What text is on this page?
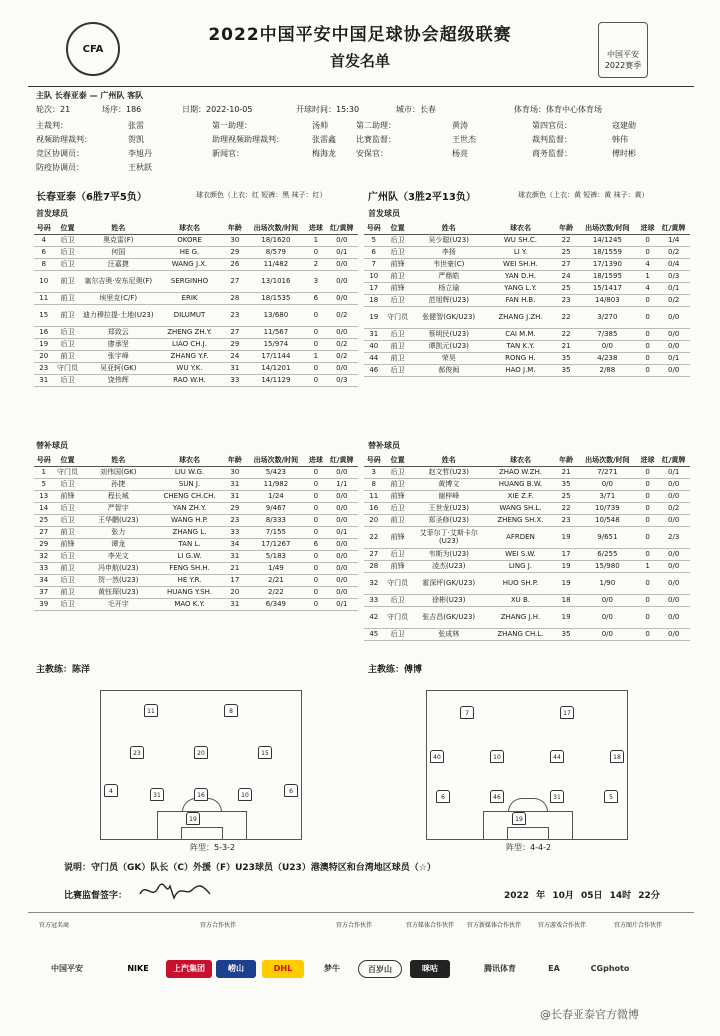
CFA
2022中国平安中国足球协会超级联赛
首发名单	中国平安
2022赛季
主队 长春亚泰 — 广州队 客队
轮次：21	场序：186	日期：2022-10-05	开球时间：15:30	城市：长春	体育场：体育中心体育场
主裁判：	张雷	第一助理：	汤帅	第二助理：	黄涛	第四官员：	寇建勋
视频助理裁判：	贺凯	助理视频助理裁判：	张雷鑫	比赛监督：	王世杰	裁判监督：	韩伟
竞区协调员：	李旭丹	新闻官：	梅海龙	安保官：	杨亮	商务监督：	傅时彬
防疫协调员：	王秋跃
长春亚泰（6胜7平5负）	球衣颜色（上衣：红 短裤：黑 袜子：红）
首发球员
号码	位置	姓名	球衣名	年龄	出场次数/时间	进球	红/黄牌
4	后卫	奥克雷(F)	OKORE	30	18/1620	1	0/0
6	后卫	何国	HE G.	29	8/579	0	0/1
8	后卫	汪嘉捷	WANG J.X.	26	11/482	2	0/0
10	前卫	塞尔吉奥·安东尼奥(F)	SERGINHO	27	13/1016	3	0/0
11	前卫	埃里克(C/F)	ERIK	28	18/1535	6	0/0
15	前卫	迪力穆拉提·土地(U23)	DILUMUT	23	13/680	0	0/2
16	后卫	郑致云	ZHENG ZH.Y.	27	11/567	0	0/0
19	后卫	廖承坚	LIAO CH.J.	29	15/974	0	0/2
20	前卫	张宇峰	ZHANG Y.F.	24	17/1144	1	0/2
23	守门员	吴亚轲(GK)	WU Y.K.	31	14/1201	0	0/0
31	后卫	饶伟辉	RAO W.H.	33	14/1129	0	0/3
替补球员
号码	位置	姓名	球衣名	年龄	出场次数/时间	进球	红/黄牌
1	守门员	刘伟国(GK)	LIU W.G.	30	5/423	0	0/0
5	后卫	孙捷	SUN J.	31	11/982	0	1/1
13	前锋	程长城	CHENG CH.CH.	31	1/24	0	0/0
14	后卫	严智宇	YAN ZH.Y.	29	9/467	0	0/0
25	后卫	王华鹏(U23)	WANG H.P.	23	8/333	0	0/0
27	前卫	张力	ZHANG L.	33	7/155	0	0/1
29	前锋	谭龙	TAN L.	34	17/1267	6	0/0
32	后卫	李光文	LI G.W.	31	5/183	0	0/0
33	前卫	冯申航(U23)	FENG SH.H.	21	1/49	0	0/0
34	后卫	贺一然(U23)	HE Y.R.	17	2/21	0	0/0
37	前卫	黄钰琛(U23)	HUANG Y.SH.	20	2/22	0	0/0
39	后卫	毛开宇	MAO K.Y.	31	6/349	0	0/1
主教练：陈洋
广州队（3胜2平13负）	球衣颜色（上衣：黄 短裤：黄 袜子：黄）
首发球员
号码	位置	姓名	球衣名	年龄	出场次数/时间	进球	红/黄牌
5	后卫	吴少聪(U23)	WU SH.C.	22	14/1245	0	1/4
6	后卫	李扬	LI Y.	25	18/1559	0	0/2
7	前锋	韦世豪(C)	WEI SH.H.	27	17/1390	4	0/4
10	前卫	严鼎皓	YAN D.H.	24	18/1595	1	0/3
17	前锋	杨立瑜	YANG L.Y.	25	15/1417	4	0/1
18	后卫	范旭辉(U23)	FAN H.B.	23	14/803	0	0/2
19	守门员	张健智(GK/U23)	ZHANG J.ZH.	22	3/270	0	0/0
31	后卫	蔡明民(U23)	CAI M.M.	22	7/385	0	0/0
40	前卫	谭凯元(U23)	TAN K.Y.	21	0/0	0	0/0
44	前卫	荣昊	RONG H.	35	4/238	0	0/1
46	后卫	郝俊闽	HAO J.M.	35	2/88	0	0/0
替补球员
号码	位置	姓名	球衣名	年龄	出场次数/时间	进球	红/黄牌
3	后卫	赵文哲(U23)	ZHAO W.ZH.	21	7/271	0	0/1
8	前卫	黄博文	HUANG B.W.	35	0/0	0	0/0
11	前锋	谢梓峰	XIE Z.F.	25	3/71	0	0/0
16	后卫	王世龙(U23)	WANG SH.L.	22	10/739	0	0/2
20	前卫	郑圣修(U23)	ZHENG SH.X.	23	10/548	0	0/0
22	前锋	艾菲尔丁·艾斯卡尔(U23)	AFRDEN	19	9/651	0	2/3
27	后卫	韦斯为(U23)	WEI S.W.	17	6/255	0	0/0
28	前锋	凌杰(U23)	LING J.	19	15/980	1	0/0
32	守门员	霍深坪(GK/U23)	HUO SH.P.	19	1/90	0	0/0
33	后卫	徐彬(U23)	XU B.	18	0/0	0	0/0
42	守门员	张吉昌(GK/U23)	ZHANG J.H.	19	0/0	0	0/0
45	后卫	张成林	ZHANG CH.L.	35	0/0	0	0/0
主教练：傅博
11	8
23	20	15
4
31	16	10
6
19
阵型：5-3-2
7	17
40	10	44	18
6	46	31	5
19
阵型：4-4-2
说明：守门员（GK）队长（C）外援（F）U23球员（U23）港澳特区和台湾地区球员（☆）
比赛监督签字：	2022 年 10月 05日 14时 22分
官方冠名商	官方合作伙伴	官方合作伙伴	官方媒体合作伙伴	官方新媒体合作伙伴	官方游戏合作伙伴	官方图片合作伙伴
中国平安	NIKE	上汽集团	崂山	DHL	梦牛	百岁山	咪咕	腾讯体育	EA	CGphoto
@长春亚泰官方微博
